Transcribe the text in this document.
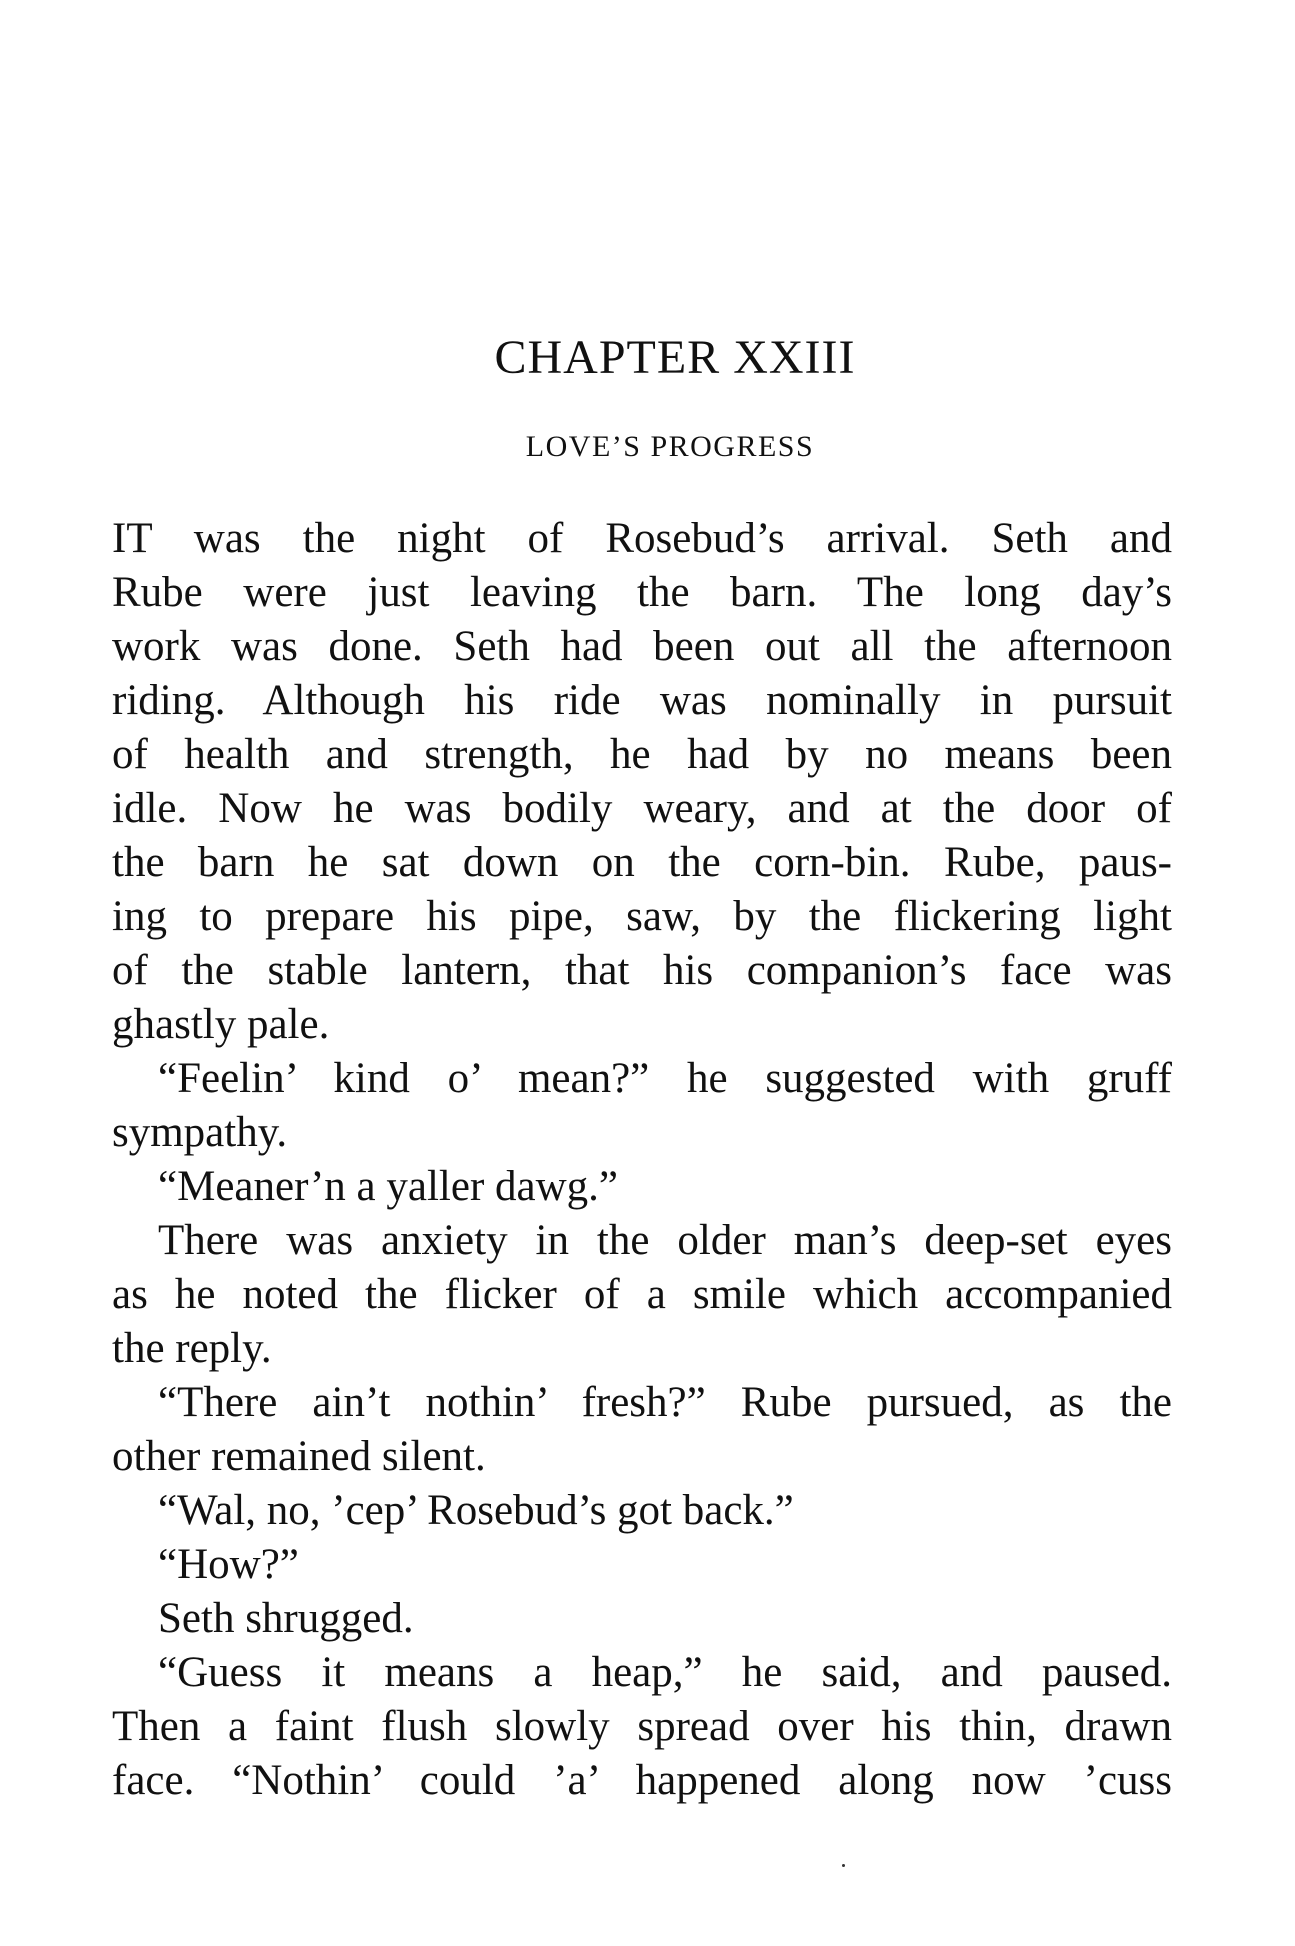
CHAPTER XXIII
LOVE’S PROGRESS
IT was the night of Rosebud’s arrival. Seth and
Rube were just leaving the barn. The long day’s
work was done. Seth had been out all the afternoon
riding. Although his ride was nominally in pursuit
of health and strength, he had by no means been
idle. Now he was bodily weary, and at the door of
the barn he sat down on the corn-bin. Rube, paus-
ing to prepare his pipe, saw, by the flickering light
of the stable lantern, that his companion’s face was
ghastly pale.
“Feelin’ kind o’ mean?” he suggested with gruff
sympathy.
“Meaner’n a yaller dawg.”
There was anxiety in the older man’s deep-set eyes
as he noted the flicker of a smile which accompanied
the reply.
“There ain’t nothin’ fresh?” Rube pursued, as the
other remained silent.
“Wal, no, ’cep’ Rosebud’s got back.”
“How?”
Seth shrugged.
“Guess it means a heap,” he said, and paused.
Then a faint flush slowly spread over his thin, drawn
face. “Nothin’ could ’a’ happened along now ’cuss
